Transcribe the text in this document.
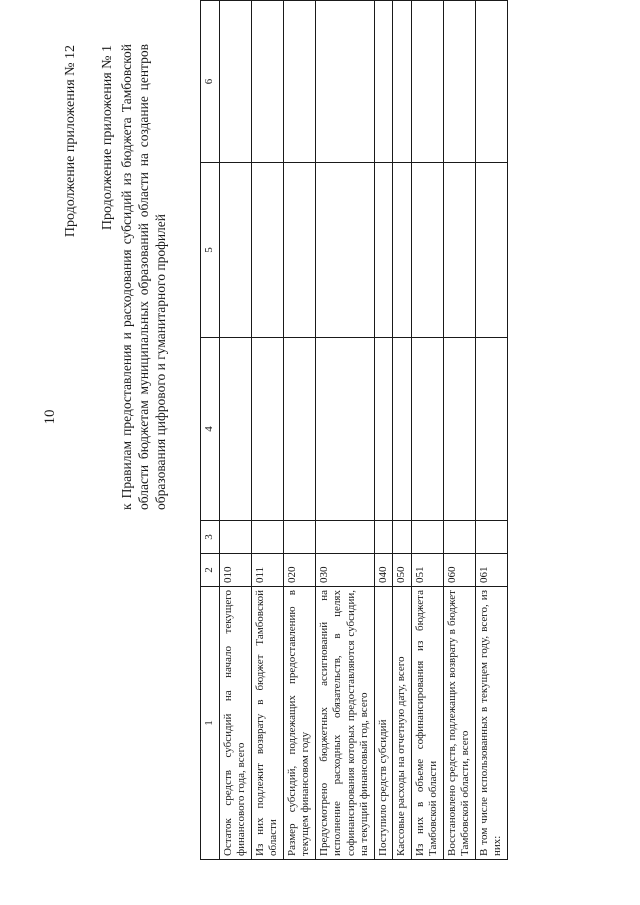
10
Продолжение приложения № 12 Продолжение приложения № 1 к Правилам предоставления и расходования субсидий из бюджета Тамбовской области бюджетам муниципальных образований области на создание центров образования цифрового и гуманитарного профилей
1	2	3	4	5	6
Остаток средств субсидий на начало текущего финансового года, всего	010				
Из них подлежит возврату в бюджет Тамбовской области	011				
Размер субсидий, подлежащих предоставлению в текущем финансовом году	020				
Предусмотрено бюджетных ассигнований на исполнение расходных обязательств, в целях софинансирования которых предоставляются субсидии, на текущий финансовый год, всего	030				
Поступило средств субсидий	040				
Кассовые расходы на отчетную дату, всего	050				
Из них в объеме софинансирования из бюджета Тамбовской области	051				
Восстановлено средств, подлежащих возврату в бюджет Тамбовской области, всего	060				
В том числе использованных в текущем году, всего, из них:	061				
